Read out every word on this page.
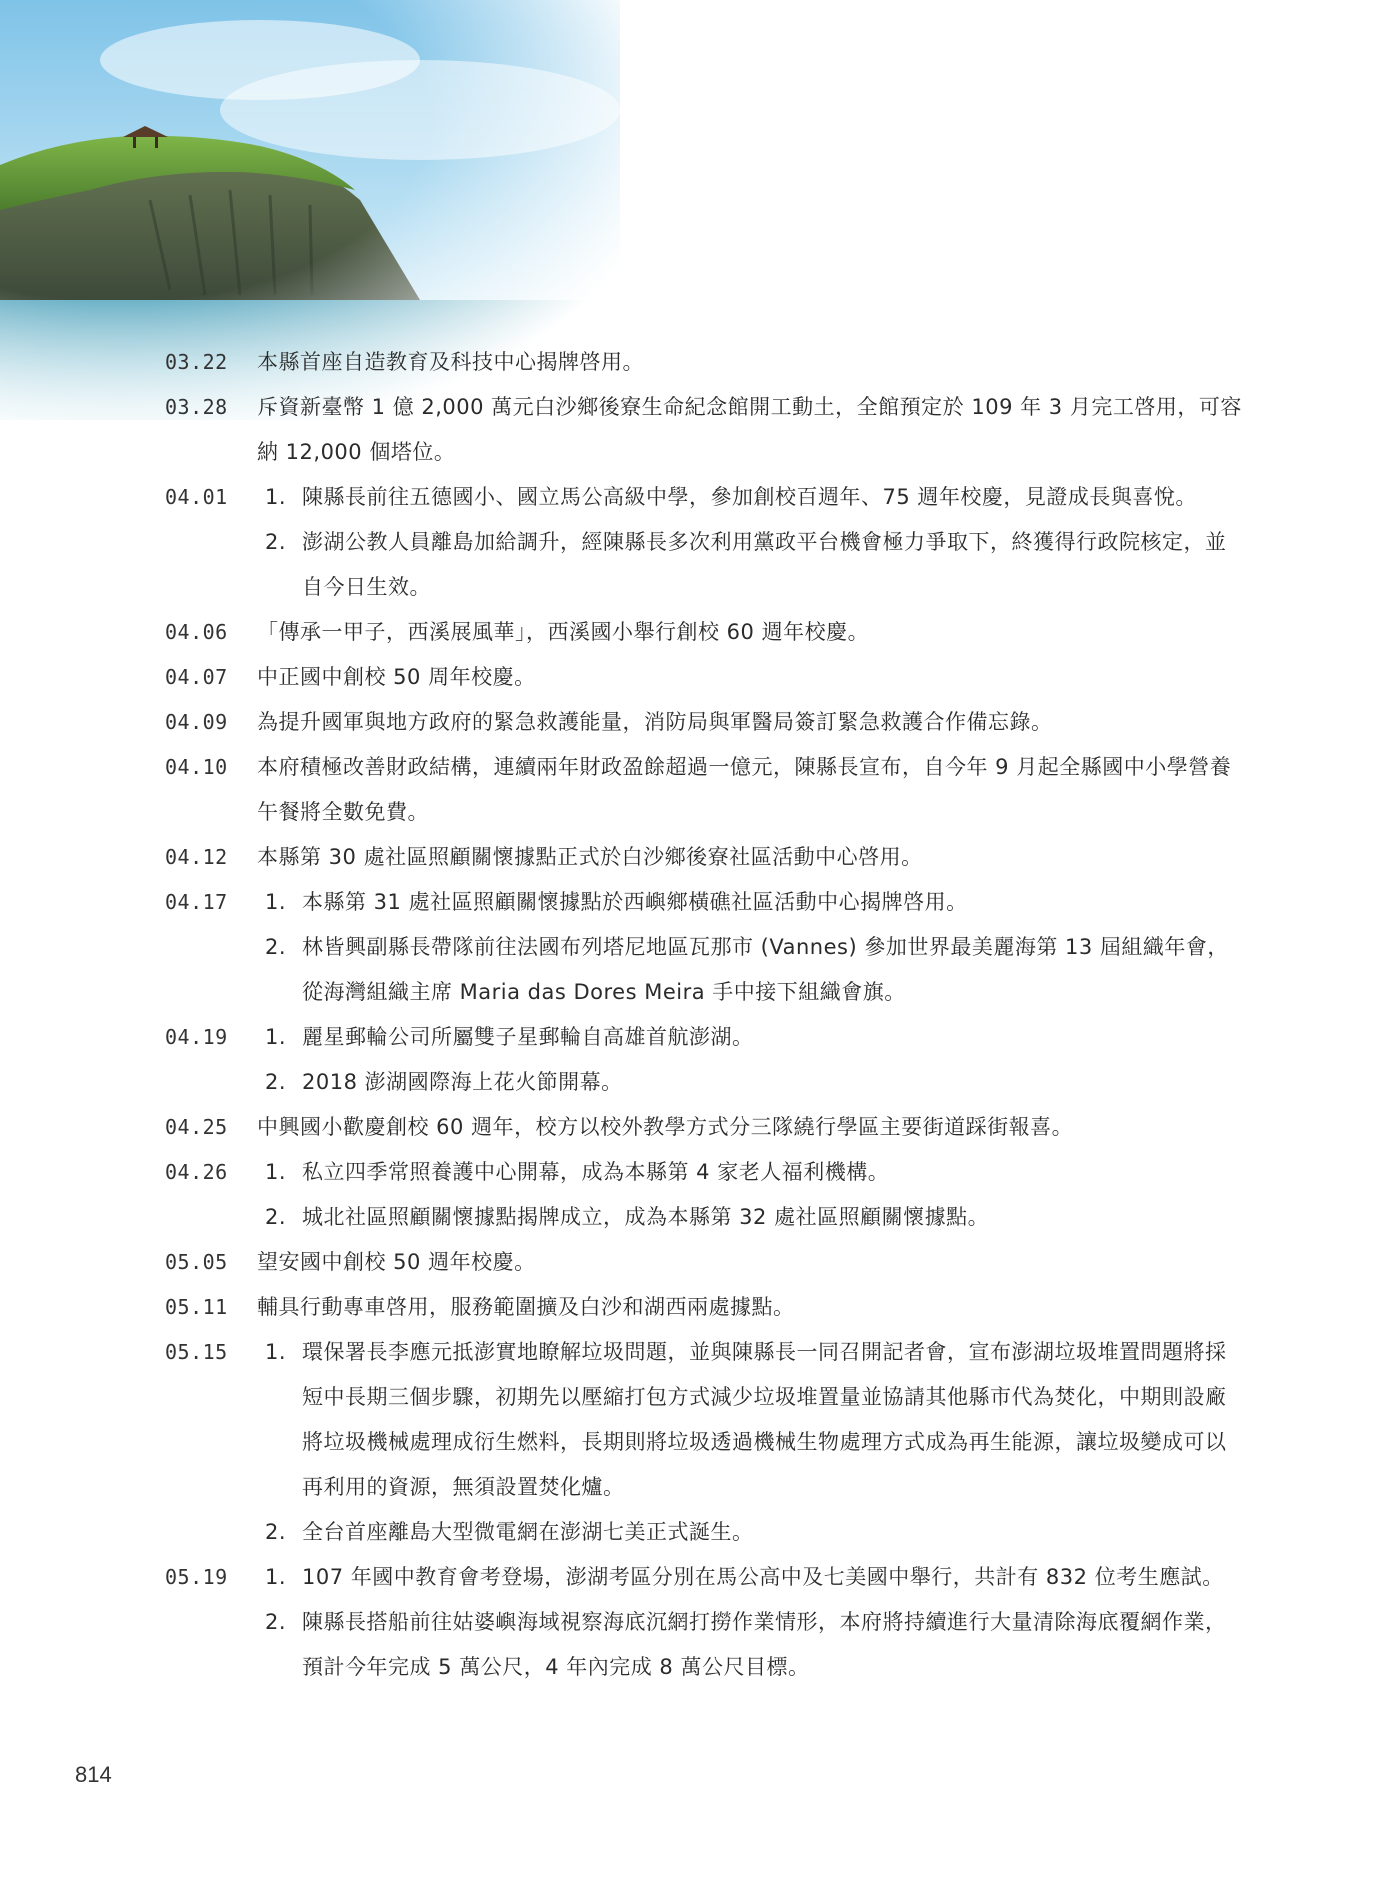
03.22	本縣首座自造教育及科技中心揭牌啓用。
03.28	斥資新臺幣 1 億 2,000 萬元白沙鄉後寮生命紀念館開工動土，全館預定於 109 年 3 月完工啓用，可容納 12,000 個塔位。
04.01	1. 陳縣長前往五德國小、國立馬公高級中學，參加創校百週年、75 週年校慶，見證成長與喜悅。
2. 澎湖公教人員離島加給調升，經陳縣長多次利用黨政平台機會極力爭取下，終獲得行政院核定，並自今日生效。
04.06	「傳承一甲子，西溪展風華」，西溪國小舉行創校 60 週年校慶。
04.07	中正國中創校 50 周年校慶。
04.09	為提升國軍與地方政府的緊急救護能量，消防局與軍醫局簽訂緊急救護合作備忘錄。
04.10	本府積極改善財政結構，連續兩年財政盈餘超過一億元，陳縣長宣布，自今年 9 月起全縣國中小學營養午餐將全數免費。
04.12	本縣第 30 處社區照顧關懷據點正式於白沙鄉後寮社區活動中心啓用。
04.17	1. 本縣第 31 處社區照顧關懷據點於西嶼鄉橫礁社區活動中心揭牌啓用。
2. 林皆興副縣長帶隊前往法國布列塔尼地區瓦那市 (Vannes) 參加世界最美麗海第 13 屆組織年會，從海灣組織主席 Maria das Dores Meira 手中接下組織會旗。
04.19	1. 麗星郵輪公司所屬雙子星郵輪自高雄首航澎湖。
2. 2018 澎湖國際海上花火節開幕。
04.25	中興國小歡慶創校 60 週年，校方以校外教學方式分三隊繞行學區主要街道踩街報喜。
04.26	1. 私立四季常照養護中心開幕，成為本縣第 4 家老人福利機構。
2. 城北社區照顧關懷據點揭牌成立，成為本縣第 32 處社區照顧關懷據點。
05.05	望安國中創校 50 週年校慶。
05.11	輔具行動專車啓用，服務範圍擴及白沙和湖西兩處據點。
05.15	1. 環保署長李應元抵澎實地瞭解垃圾問題，並與陳縣長一同召開記者會，宣布澎湖垃圾堆置問題將採短中長期三個步驟，初期先以壓縮打包方式減少垃圾堆置量並協請其他縣市代為焚化，中期則設廠將垃圾機械處理成衍生燃料，長期則將垃圾透過機械生物處理方式成為再生能源，讓垃圾變成可以再利用的資源，無須設置焚化爐。
2. 全台首座離島大型微電網在澎湖七美正式誕生。
05.19	1. 107 年國中教育會考登場，澎湖考區分別在馬公高中及七美國中舉行，共計有 832 位考生應試。
2. 陳縣長搭船前往姑婆嶼海域視察海底沉網打撈作業情形，本府將持續進行大量清除海底覆網作業，預計今年完成 5 萬公尺，4 年內完成 8 萬公尺目標。
814
